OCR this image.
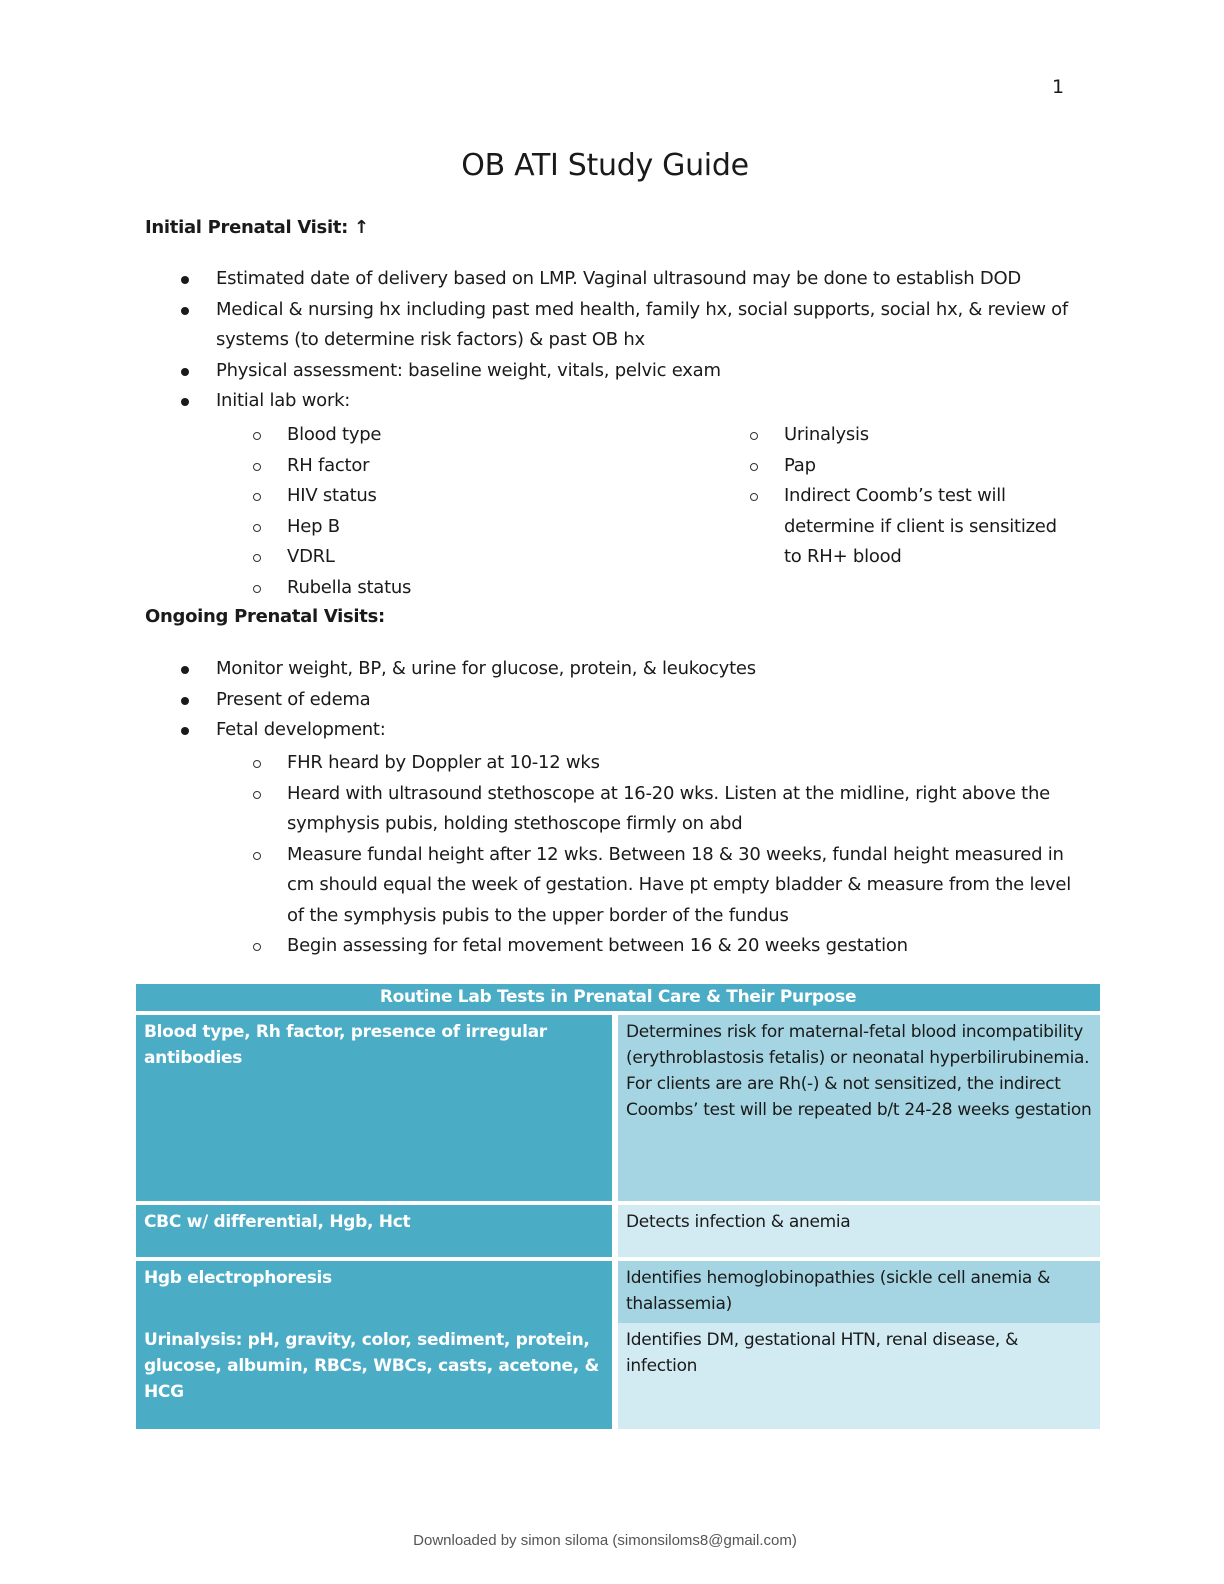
1
OB ATI Study Guide
Initial Prenatal Visit: ↑
Estimated date of delivery based on LMP. Vaginal ultrasound may be done to establish DOD
Medical & nursing hx including past med health, family hx, social supports, social hx, & review of systems (to determine risk factors) & past OB hx
Physical assessment: baseline weight, vitals, pelvic exam
Initial lab work:
Blood type
RH factor
HIV status
Hep B
VDRL
Rubella status
Urinalysis
Pap
Indirect Coomb’s test will determine if client is sensitized to RH+ blood
Ongoing Prenatal Visits:
Monitor weight, BP, & urine for glucose, protein, & leukocytes
Present of edema
Fetal development:
FHR heard by Doppler at 10-12 wks
Heard with ultrasound stethoscope at 16-20 wks. Listen at the midline, right above the symphysis pubis, holding stethoscope firmly on abd
Measure fundal height after 12 wks. Between 18 & 30 weeks, fundal height measured in cm should equal the week of gestation. Have pt empty bladder & measure from the level of the symphysis pubis to the upper border of the fundus
Begin assessing for fetal movement between 16 & 20 weeks gestation
Routine Lab Tests in Prenatal Care & Their Purpose	
Blood type, Rh factor, presence of irregular antibodies	Determines risk for maternal-fetal blood incompatibility (erythroblastosis fetalis) or neonatal hyperbilirubinemia.
For clients are are Rh(-) & not sensitized, the indirect Coombs’ test will be repeated b/t 24-28 weeks gestation

CBC w/ differential, Hgb, Hct	Detects infection & anemia
Hgb electrophoresis	Identifies hemoglobinopathies (sickle cell anemia & thalassemia)
Urinalysis: pH, gravity, color, sediment, protein, glucose, albumin, RBCs, WBCs, casts, acetone, & HCG	Identifies DM, gestational HTN, renal disease, & infection
Downloaded by simon siloma (simonsiloms8@gmail.com)
